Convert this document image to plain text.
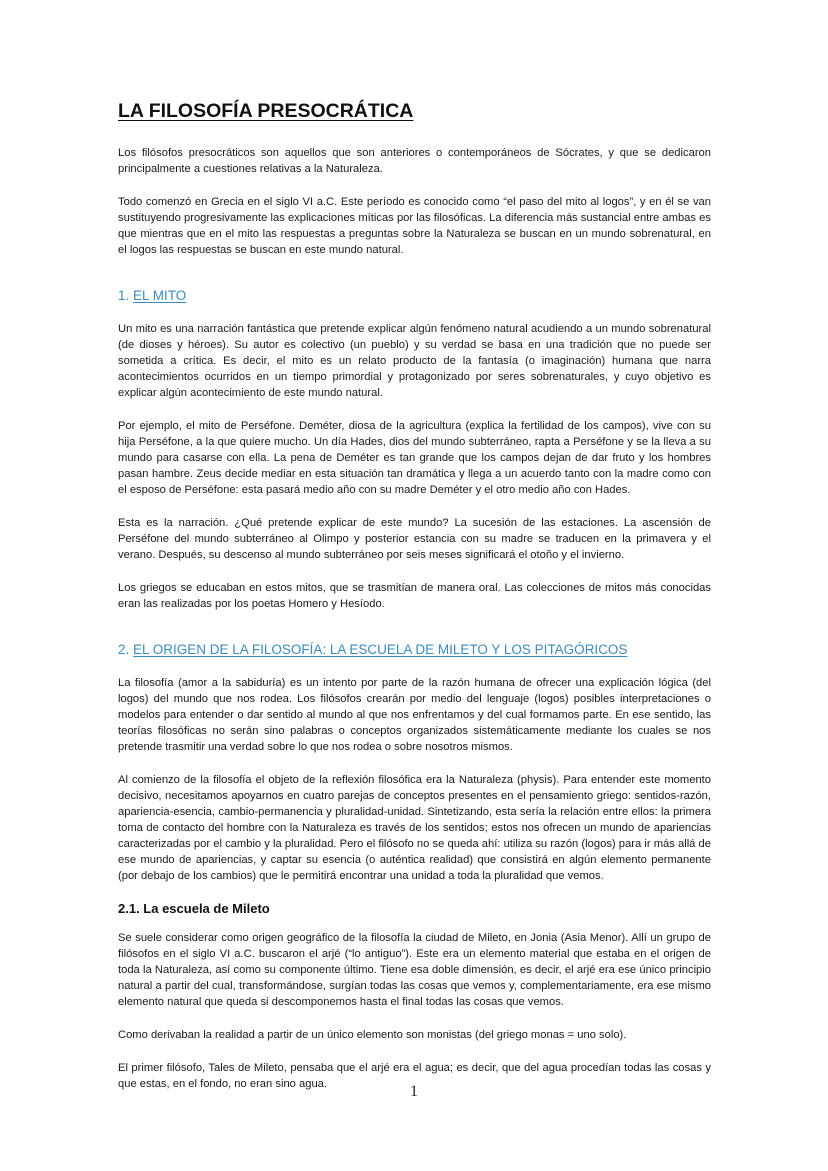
LA FILOSOFÍA PRESOCRÁTICA

Los filósofos presocráticos son aquellos que son anteriores o contemporáneos de Sócrates, y que se dedicaron principalmente a cuestiones relativas a la Naturaleza.

Todo comenzó en Grecia en el siglo VI a.C. Este período es conocido como “el paso del mito al logos”, y en él se van sustituyendo progresivamente las explicaciones míticas por las filosóficas. La diferencia más sustancial entre ambas es que mientras que en el mito las respuestas a preguntas sobre la Naturaleza se buscan en un mundo sobrenatural, en el logos las respuestas se buscan en este mundo natural.

1. EL MITO

Un mito es una narración fantástica que pretende explicar algún fenómeno natural acudiendo a un mundo sobrenatural (de dioses y héroes). Su autor es colectivo (un pueblo) y su verdad se basa en una tradición que no puede ser sometida a crítica. Es decir, el mito es un relato producto de la fantasía (o imaginación) humana que narra acontecimientos ocurridos en un tiempo primordial y protagonizado por seres sobrenaturales, y cuyo objetivo es explicar algún acontecimiento de este mundo natural.

Por ejemplo, el mito de Perséfone. Deméter, diosa de la agricultura (explica la fertilidad de los campos), vive con su hija Perséfone, a la que quiere mucho. Un día Hades, dios del mundo subterráneo, rapta a Perséfone y se la lleva a su mundo para casarse con ella. La pena de Deméter es tan grande que los campos dejan de dar fruto y los hombres pasan hambre. Zeus decide mediar en esta situación tan dramática y llega a un acuerdo tanto con la madre como con el esposo de Perséfone: esta pasará medio año con su madre Deméter y el otro medio año con Hades.

Esta es la narración. ¿Qué pretende explicar de este mundo? La sucesión de las estaciones. La ascensión de Perséfone del mundo subterráneo al Olimpo y posterior estancia con su madre se traducen en la primavera y el verano. Después, su descenso al mundo subterráneo por seis meses significará el otoño y el invierno.

Los griegos se educaban en estos mitos, que se trasmitían de manera oral. Las colecciones de mitos más conocidas eran las realizadas por los poetas Homero y Hesíodo.

2. EL ORIGEN DE LA FILOSOFÍA: LA ESCUELA DE MILETO Y LOS PITAGÓRICOS

La filosofía (amor a la sabiduría) es un intento por parte de la razón humana de ofrecer una explicación lógica (del logos) del mundo que nos rodea. Los filósofos crearán por medio del lenguaje (logos) posibles interpretaciones o modelos para entender o dar sentido al mundo al que nos enfrentamos y del cual formamos parte. En ese sentido, las teorías filosóficas no serán sino palabras o conceptos organizados sistemáticamente mediante los cuales se nos pretende trasmitir una verdad sobre lo que nos rodea o sobre nosotros mismos.

Al comienzo de la filosofía el objeto de la reflexión filosófica era la Naturaleza (physis). Para entender este momento decisivo, necesitamos apoyarnos en cuatro parejas de conceptos presentes en el pensamiento griego: sentidos-razón, apariencia-esencia, cambio-permanencia y pluralidad-unidad. Sintetizando, esta sería la relación entre ellos: la primera toma de contacto del hombre con la Naturaleza es través de los sentidos; estos nos ofrecen un mundo de apariencias caracterizadas por el cambio y la pluralidad. Pero el filósofo no se queda ahí: utiliza su razón (logos) para ir más allá de ese mundo de apariencias, y captar su esencia (o auténtica realidad) que consistirá en algún elemento permanente (por debajo de los cambios) que le permitirá encontrar una unidad a toda la pluralidad que vemos.

2.1. La escuela de Mileto

Se suele considerar como origen geográfico de la filosofía la ciudad de Mileto, en Jonia (Asia Menor). Allí un grupo de filósofos en el siglo VI a.C. buscaron el arjé (“lo antiguo”). Este era un elemento material que estaba en el origen de toda la Naturaleza, así como su componente último. Tiene esa doble dimensión, es decir, el arjé era ese único principio natural a partir del cual, transformándose, surgían todas las cosas que vemos y, complementariamente, era ese mismo elemento natural que queda si descomponemos hasta el final todas las cosas que vemos.

Como derivaban la realidad a partir de un único elemento son monistas (del griego monas = uno solo).

El primer filósofo, Tales de Mileto, pensaba que el arjé era el agua; es decir, que del agua procedían todas las cosas y que estas, en el fondo, no eran sino agua.	1
